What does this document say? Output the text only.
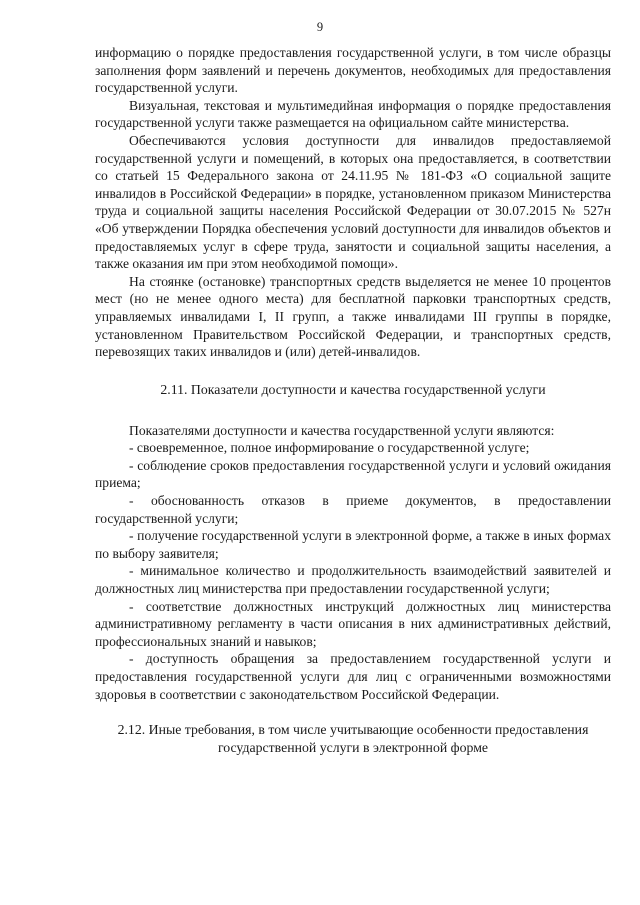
9

информацию о порядке предоставления государственной услуги, в том числе образцы заполнения форм заявлений и перечень документов, необходимых для предоставления государственной услуги.

Визуальная, текстовая и мультимедийная информация о порядке предоставления государственной услуги также размещается на официальном сайте министерства.

Обеспечиваются условия доступности для инвалидов предоставляемой государственной услуги и помещений, в которых она предоставляется, в соответствии со статьей 15 Федерального закона от 24.11.95 № 181-ФЗ «О социальной защите инвалидов в Российской Федерации» в порядке, установленном приказом Министерства труда и социальной защиты населения Российской Федерации от 30.07.2015 № 527н «Об утверждении Порядка обеспечения условий доступности для инвалидов объектов и предоставляемых услуг в сфере труда, занятости и социальной защиты населения, а также оказания им при этом необходимой помощи».

На стоянке (остановке) транспортных средств выделяется не менее 10 процентов мест (но не менее одного места) для бесплатной парковки транспортных средств, управляемых инвалидами I, II групп, а также инвалидами III группы в порядке, установленном Правительством Российской Федерации, и транспортных средств, перевозящих таких инвалидов и (или) детей-инвалидов.

2.11. Показатели доступности и качества государственной услуги

Показателями доступности и качества государственной услуги являются:

- своевременное, полное информирование о государственной услуге;

- соблюдение сроков предоставления государственной услуги и условий ожидания приема;

- обоснованность отказов в приеме документов, в предоставлении государственной услуги;

- получение государственной услуги в электронной форме, а также в иных формах по выбору заявителя;

- минимальное количество и продолжительность взаимодействий заявителей и должностных лиц министерства при предоставлении государственной услуги;

- соответствие должностных инструкций должностных лиц министерства административному регламенту в части описания в них административных действий, профессиональных знаний и навыков;

- доступность обращения за предоставлением государственной услуги и предоставления государственной услуги для лиц с ограниченными возможностями здоровья в соответствии с законодательством Российской Федерации.

2.12. Иные требования, в том числе учитывающие особенности предоставления государственной услуги в электронной форме
